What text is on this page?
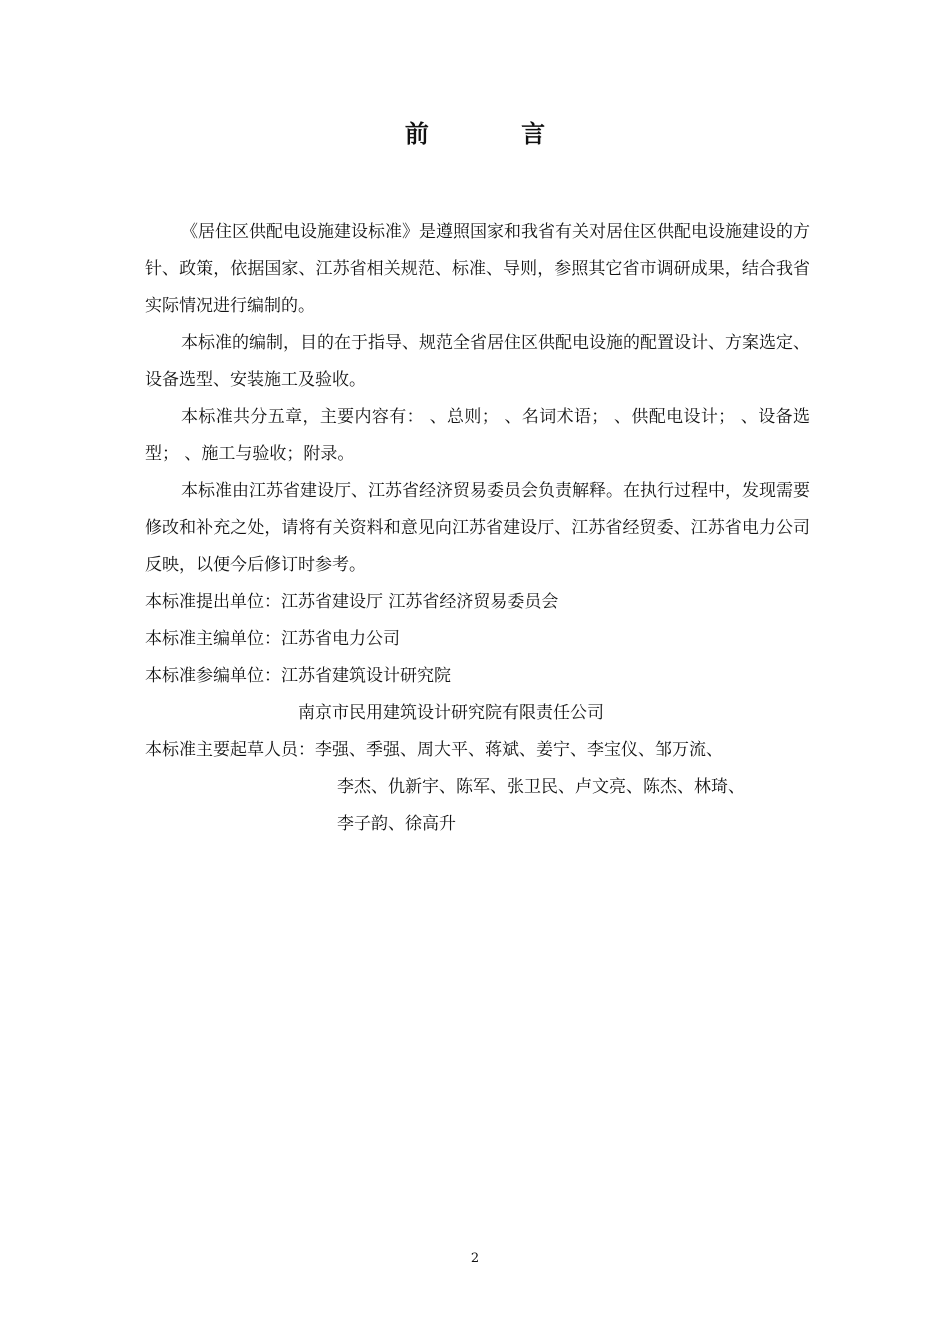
前 言

《居住区供配电设施建设标准》是遵照国家和我省有关对居住区供配电设施建设的方针、政策，依据国家、江苏省相关规范、标准、导则，参照其它省市调研成果，结合我省实际情况进行编制的。

本标准的编制，目的在于指导、规范全省居住区供配电设施的配置设计、方案选定、设备选型、安装施工及验收。

本标准共分五章，主要内容有： 、总则； 、名词术语； 、供配电设计； 、设备选型； 、施工与验收；附录。

本标准由江苏省建设厅、江苏省经济贸易委员会负责解释。在执行过程中，发现需要修改和补充之处，请将有关资料和意见向江苏省建设厅、江苏省经贸委、江苏省电力公司反映，以便今后修订时参考。

本标准提出单位：江苏省建设厅 江苏省经济贸易委员会

本标准主编单位：江苏省电力公司

本标准参编单位：江苏省建筑设计研究院

南京市民用建筑设计研究院有限责任公司

本标准主要起草人员：李强、季强、周大平、蒋斌、姜宁、李宝仪、邹万流、

李杰、仇新宇、陈军、张卫民、卢文亮、陈杰、林琦、

李子韵、徐高升

2
